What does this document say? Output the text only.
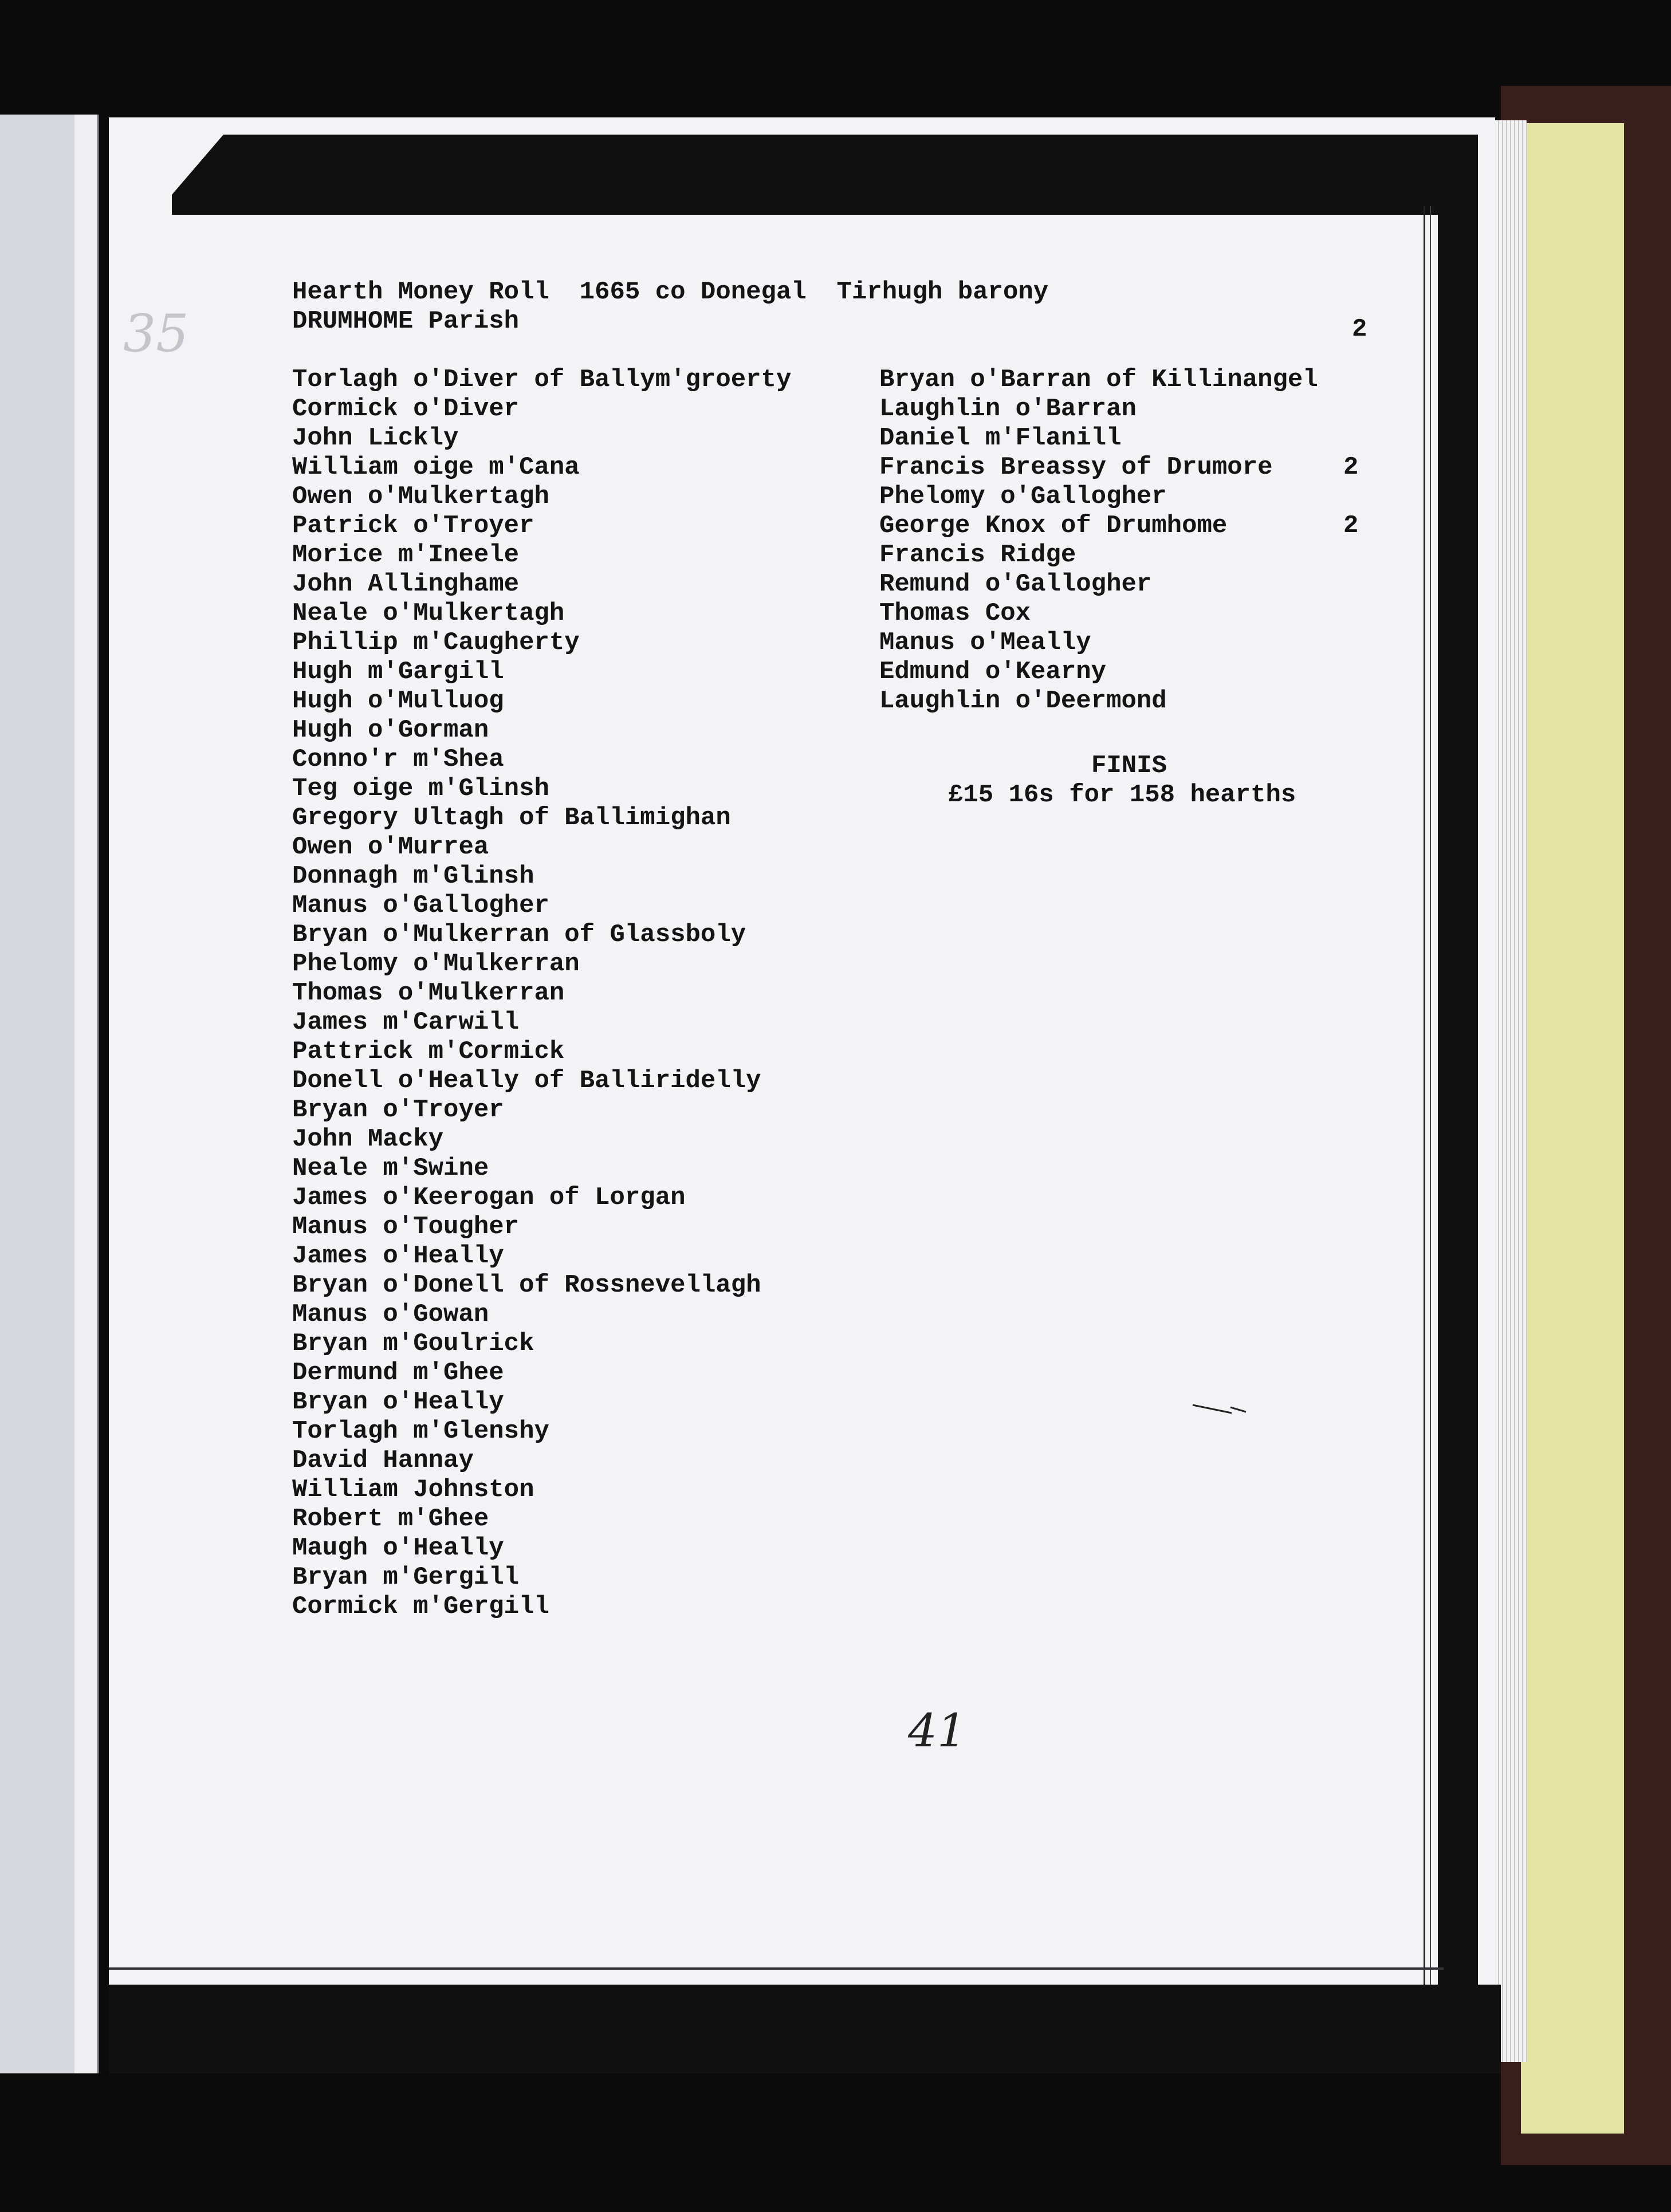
35
Hearth Money Roll  1665 co Donegal  Tirhugh barony
DRUMHOME Parish	2
Torlagh o'Diver of Ballym'groerty
Cormick o'Diver
John Lickly
William oige m'Cana
Owen o'Mulkertagh
Patrick o'Troyer
Morice m'Ineele
John Allinghame
Neale o'Mulkertagh
Phillip m'Caugherty
Hugh m'Gargill
Hugh o'Mulluog
Hugh o'Gorman
Conno'r m'Shea
Teg oige m'Glinsh
Gregory Ultagh of Ballimighan
Owen o'Murrea
Donnagh m'Glinsh
Manus o'Gallogher
Bryan o'Mulkerran of Glassboly
Phelomy o'Mulkerran
Thomas o'Mulkerran
James m'Carwill
Pattrick m'Cormick
Donell o'Heally of Balliridelly
Bryan o'Troyer
John Macky
Neale m'Swine
James o'Keerogan of Lorgan
Manus o'Tougher
James o'Heally
Bryan o'Donell of Rossnevellagh
Manus o'Gowan
Bryan m'Goulrick
Dermund m'Ghee
Bryan o'Heally
Torlagh m'Glenshy
David Hannay
William Johnston
Robert m'Ghee
Maugh o'Heally
Bryan m'Gergill
Cormick m'Gergill
Bryan o'Barran of Killinangel
Laughlin o'Barran
Daniel m'Flanill
Francis Breassy of Drumore
Phelomy o'Gallogher
George Knox of Drumhome
Francis Ridge
Remund o'Gallogher
Thomas Cox
Manus o'Meally
Edmund o'Kearny
Laughlin o'Deermond
2
2
FINIS
£15 16s for 158 hearths
41
